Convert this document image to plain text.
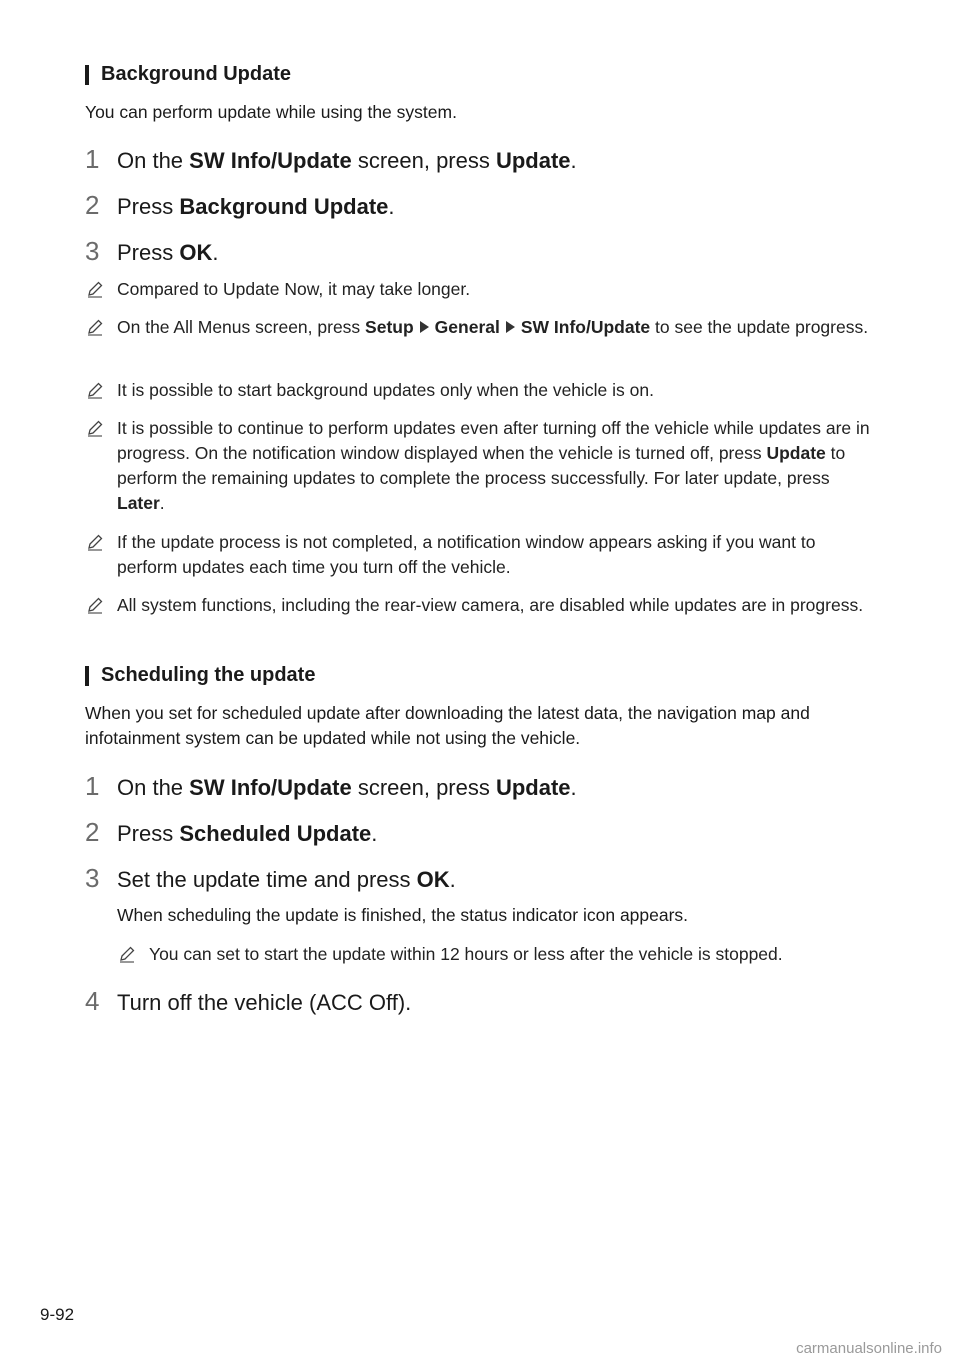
Background Update
You can perform update while using the system.
1 On the SW Info/Update screen, press Update.
2 Press Background Update.
3 Press OK.
Compared to Update Now, it may take longer.
On the All Menus screen, press Setup General SW Info/Update to see the update progress.
It is possible to start background updates only when the vehicle is on.
It is possible to continue to perform updates even after turning off the vehicle while updates are in progress. On the notification window displayed when the vehicle is turned off, press Update to perform the remaining updates to complete the process successfully. For later update, press Later.
If the update process is not completed, a notification window appears asking if you want to perform updates each time you turn off the vehicle.
All system functions, including the rear-view camera, are disabled while updates are in progress.
Scheduling the update
When you set for scheduled update after downloading the latest data, the navigation map and infotainment system can be updated while not using the vehicle.
1 On the SW Info/Update screen, press Update.
2 Press Scheduled Update.
3 Set the update time and press OK.
When scheduling the update is finished, the status indicator icon appears.
You can set to start the update within 12 hours or less after the vehicle is stopped.
4 Turn off the vehicle (ACC Off).
9-92
carmanualsonline.info
